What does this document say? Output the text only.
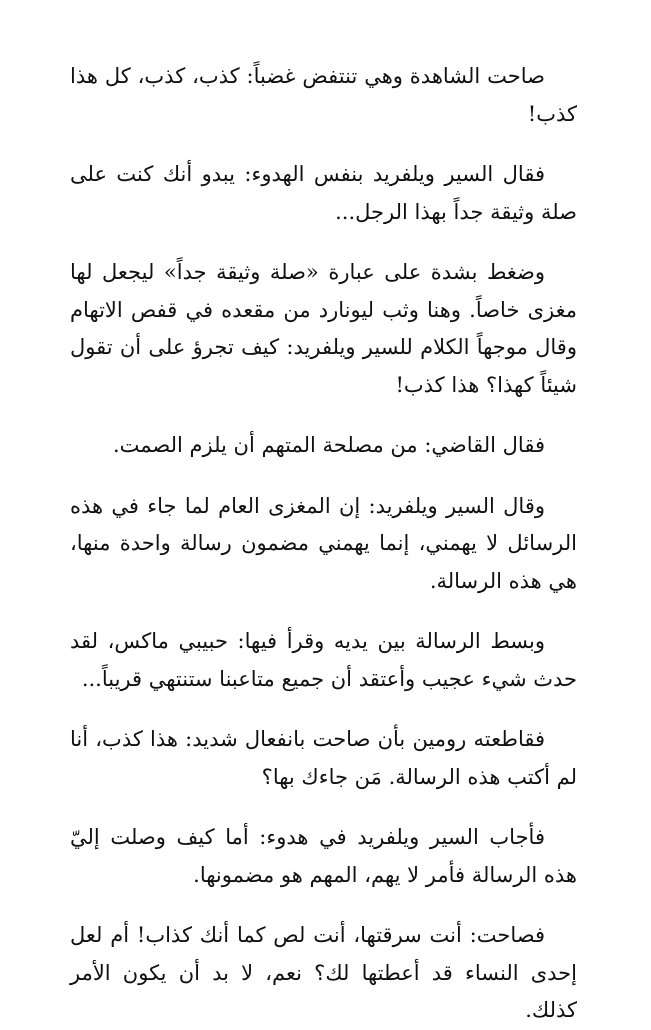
صاحت الشاهدة وهي تنتفض غضباً: كذب، كذب، كل هذا كذب!

فقال السير ويلفريد بنفس الهدوء: يبدو أنك كنت على صلة وثيقة جداً بهذا الرجل...

وضغط بشدة على عبارة «صلة وثيقة جداً» ليجعل لها مغزى خاصاً. وهنا وثب ليونارد من مقعده في قفص الاتهام وقال موجهاً الكلام للسير ويلفريد: كيف تجرؤ على أن تقول شيئاً كهذا؟ هذا كذب!

فقال القاضي: من مصلحة المتهم أن يلزم الصمت.

وقال السير ويلفريد: إن المغزى العام لما جاء في هذه الرسائل لا يهمني، إنما يهمني مضمون رسالة واحدة منها، هي هذه الرسالة.

وبسط الرسالة بين يديه وقرأ فيها: حبيبي ماكس، لقد حدث شيء عجيب وأعتقد أن جميع متاعبنا ستنتهي قريباً...

فقاطعته رومين بأن صاحت بانفعال شديد: هذا كذب، أنا لم أكتب هذه الرسالة. مَن جاءك بها؟

فأجاب السير ويلفريد في هدوء: أما كيف وصلت إليّ هذه الرسالة فأمر لا يهم، المهم هو مضمونها.

فصاحت: أنت سرقتها، أنت لص كما أنك كذاب! أم لعل إحدى النساء قد أعطتها لك؟ نعم، لا بد أن يكون الأمر كذلك.
